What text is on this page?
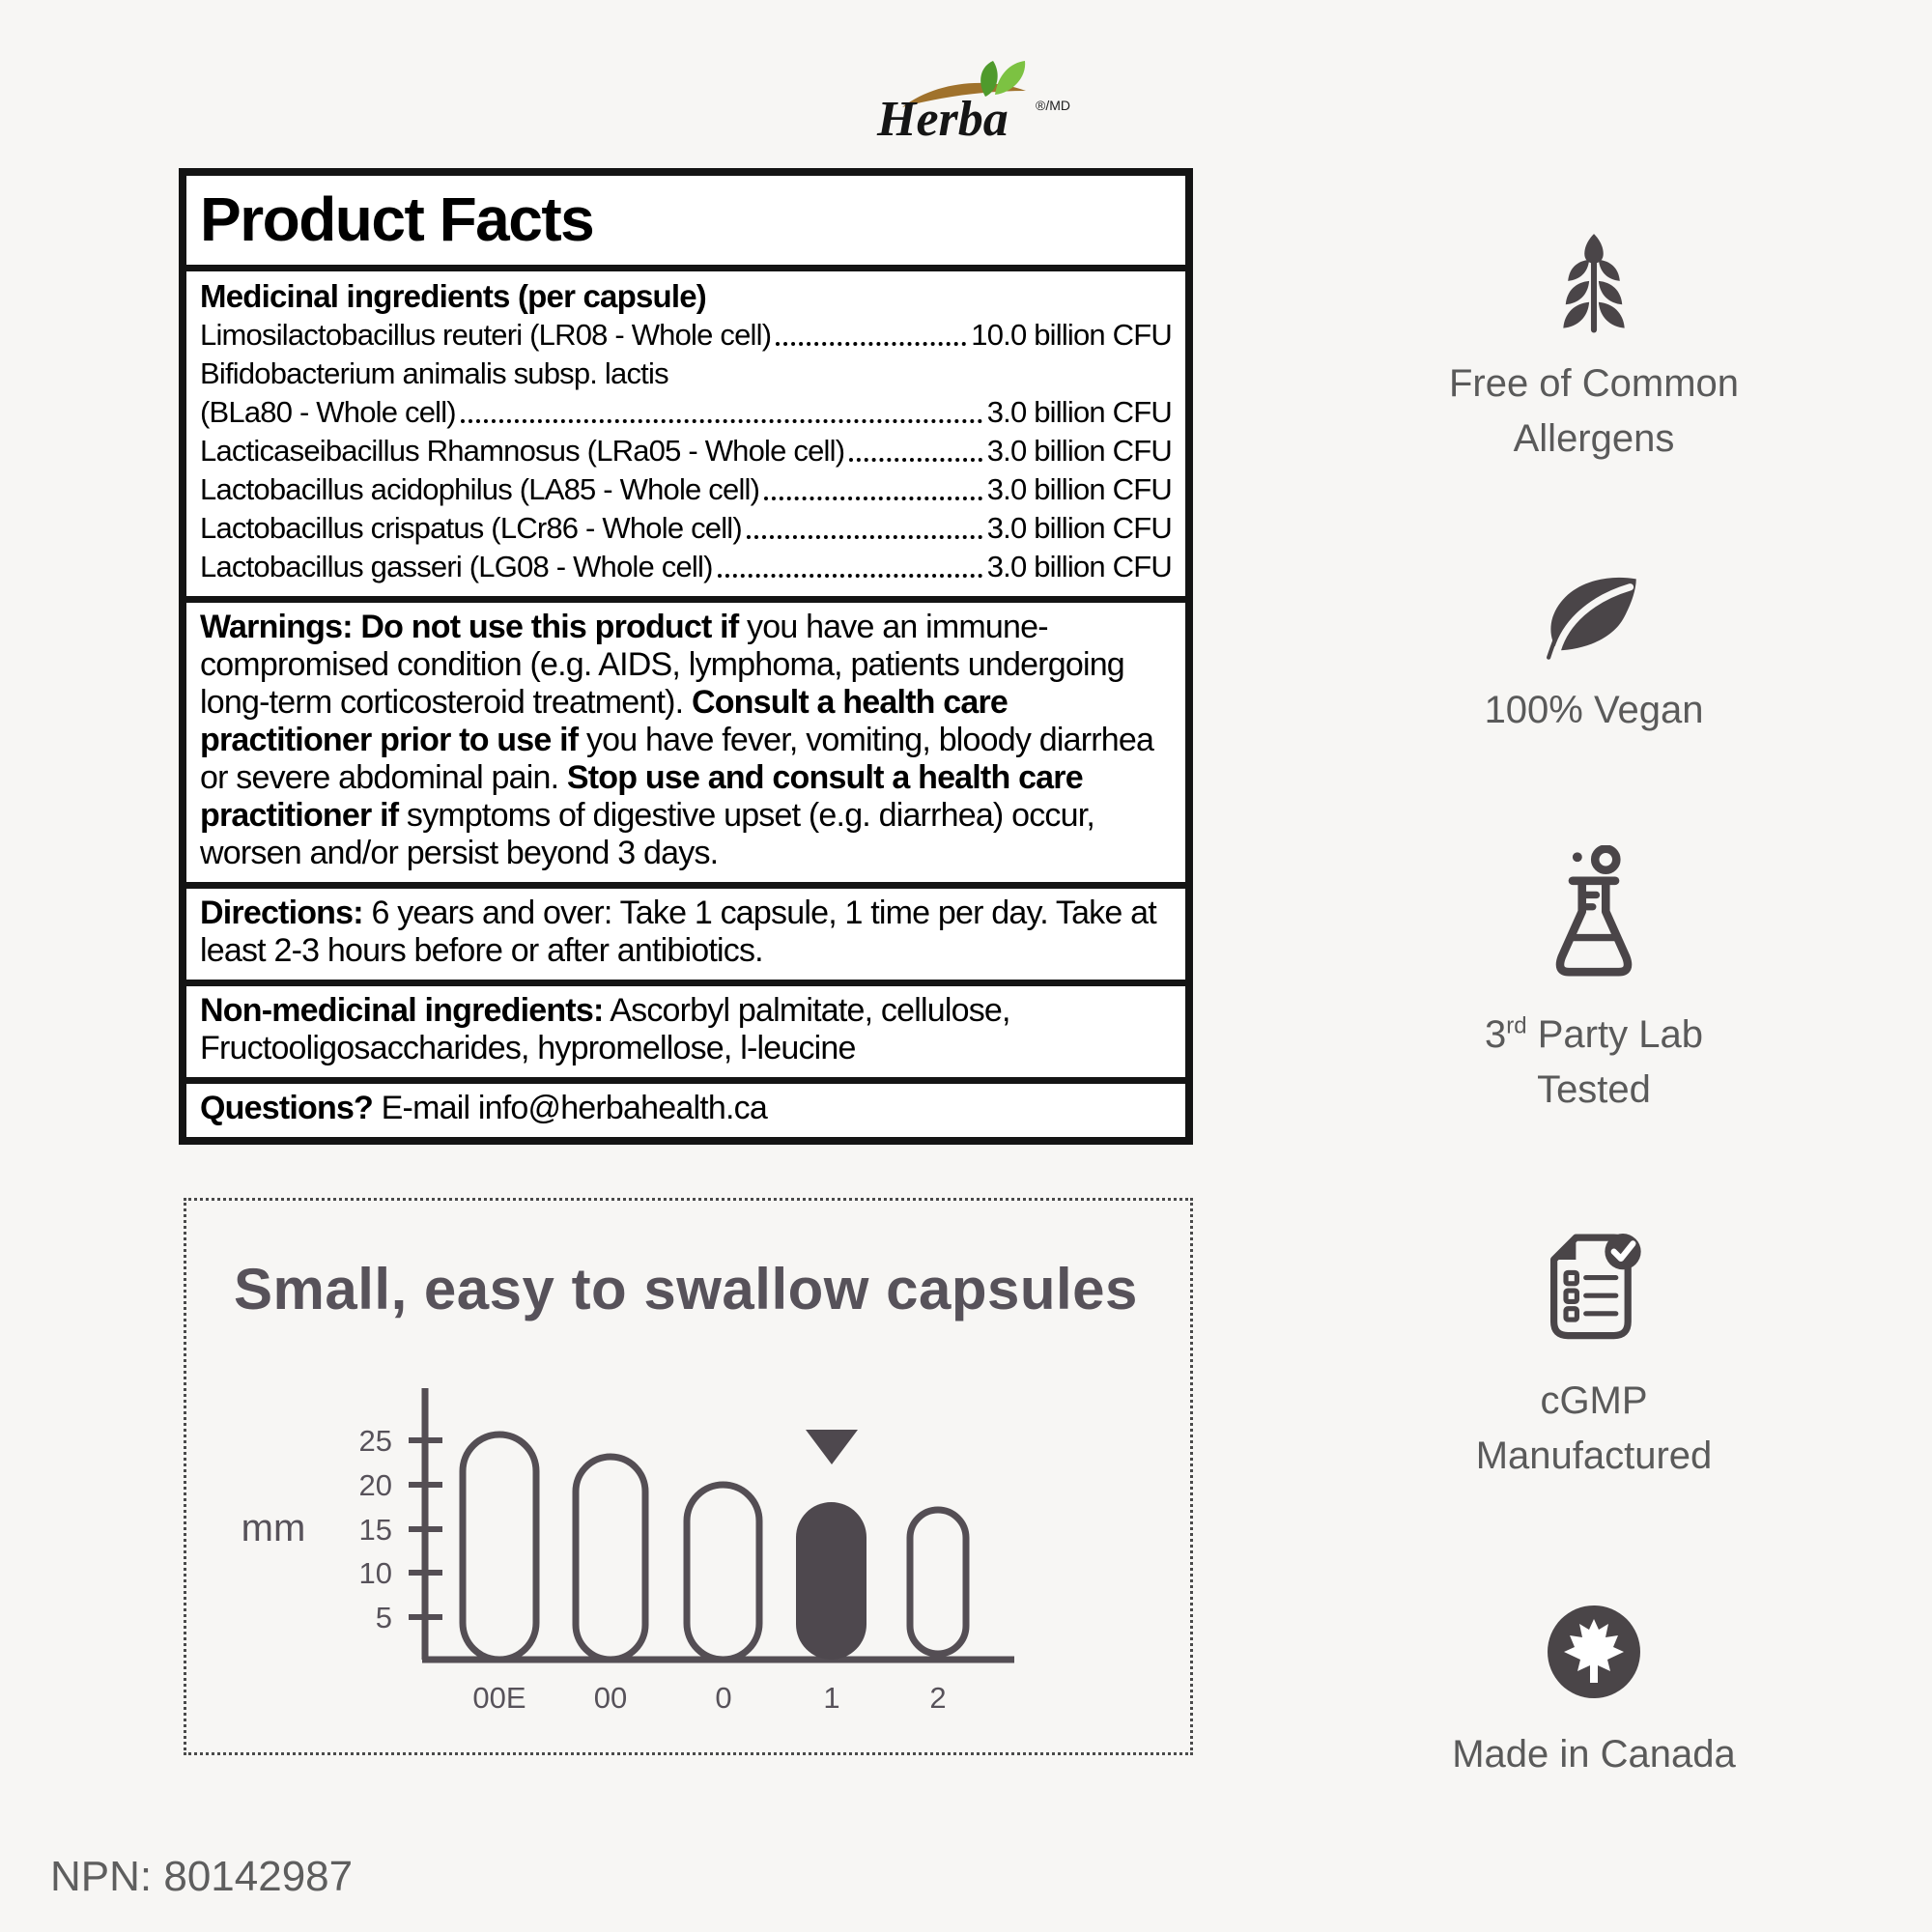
Herba ®/MD
Product Facts
Medicinal ingredients (per capsule)
Limosilactobacillus reuteri (LR08 - Whole cell)	10.0 billion CFU
Bifidobacterium animalis subsp. lactis
(BLa80 - Whole cell)	3.0 billion CFU
Lacticaseibacillus Rhamnosus (LRa05 - Whole cell)	3.0 billion CFU
Lactobacillus acidophilus (LA85 - Whole cell)	3.0 billion CFU
Lactobacillus crispatus (LCr86 - Whole cell)	3.0 billion CFU
Lactobacillus gasseri (LG08 - Whole cell)	3.0 billion CFU
Warnings: Do not use this product if you have an immune-compromised condition (e.g. AIDS, lymphoma, patients undergoing long-term corticosteroid treatment). Consult a health care practitioner prior to use if you have fever, vomiting, bloody diarrhea or severe abdominal pain. Stop use and consult a health care practitioner if symptoms of digestive upset (e.g. diarrhea) occur, worsen and/or persist beyond 3 days.
Directions: 6 years and over: Take 1 capsule, 1 time per day. Take at least 2-3 hours before or after antibiotics.
Non-medicinal ingredients: Ascorbyl palmitate, cellulose, Fructooligosaccharides, hypromellose, l-leucine
Questions? E-mail info@herbahealth.ca
Small, easy to swallow capsules
25
20
15
10
5
mm
00E 00	0	1	2
Free of Common
Allergens
100% Vegan
3rd Party Lab
Tested
cGMP
Manufactured
Made in Canada
NPN: 80142987
